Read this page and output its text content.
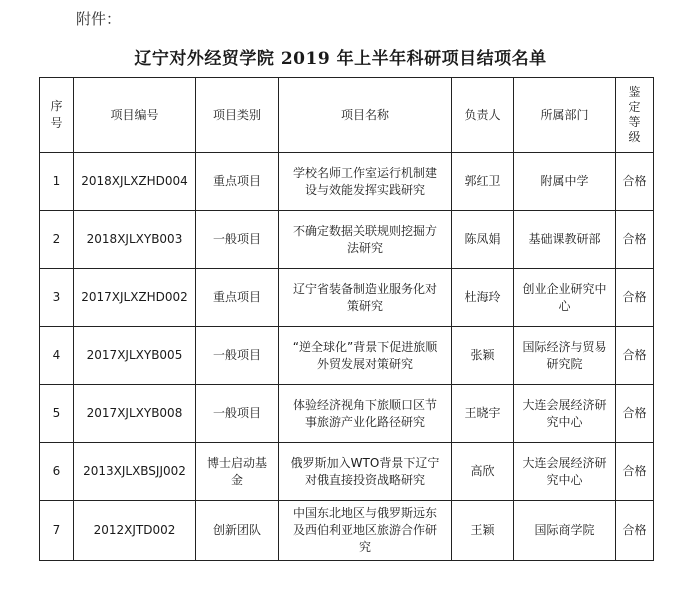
附件：
辽宁对外经贸学院 2019 年上半年科研项目结项名单
序号	项目编号	项目类别	项目名称	负责人	所属部门	鉴定等级
1	2018XJLXZHD004	重点项目	学校名师工作室运行机制建设与效能发挥实践研究	郭红卫	附属中学	合格
2	2018XJLXYB003	一般项目	不确定数据关联规则挖掘方法研究	陈凤娟	基础课教研部	合格
3	2017XJLXZHD002	重点项目	辽宁省装备制造业服务化对策研究	杜海玲	创业企业研究中心	合格
4	2017XJLXYB005	一般项目	“逆全球化”背景下促进旅顺外贸发展对策研究	张颖	国际经济与贸易研究院	合格
5	2017XJLXYB008	一般项目	体验经济视角下旅顺口区节事旅游产业化路径研究	王晓宇	大连会展经济研究中心	合格
6	2013XJLXBSJJ002	博士启动基金	俄罗斯加入WTO背景下辽宁对俄直接投资战略研究	高欣	大连会展经济研究中心	合格
7	2012XJTD002	创新团队	中国东北地区与俄罗斯远东及西伯利亚地区旅游合作研究	王颖	国际商学院	合格
